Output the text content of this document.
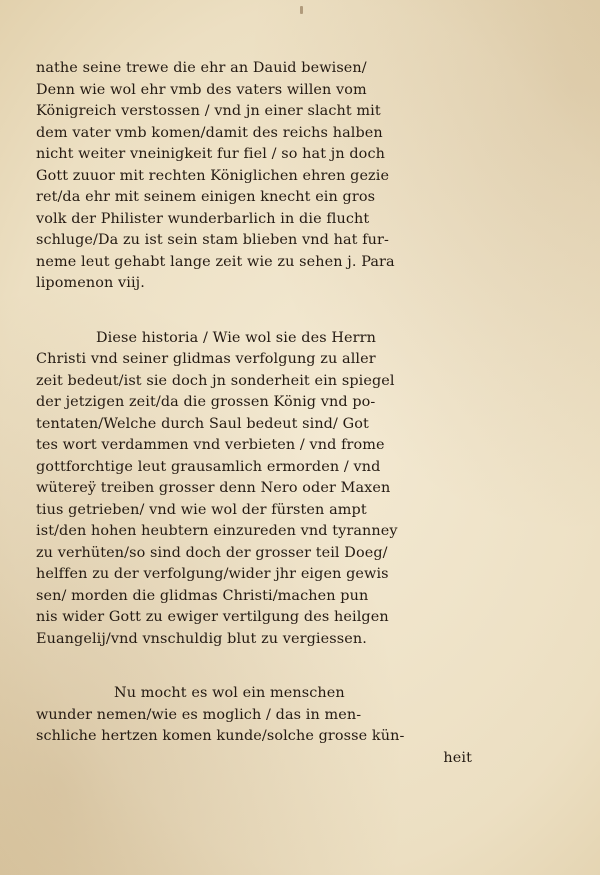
nathe seine trewe die ehr an Dauid bewisen/
Denn wie wol ehr vmb des vaters willen vom
Königreich verstossen / vnd jn einer slacht mit
dem vater vmb komen/damit des reichs halben
nicht weiter vneinigkeit fur fiel / so hat jn doch
Gott zuuor mit rechten Königlichen ehren gezie
ret/da ehr mit seinem einigen knecht ein gros
volk der Philister wunderbarlich in die flucht
schluge/Da zu ist sein stam blieben vnd hat fur-
neme leut gehabt lange zeit wie zu sehen j. Para
lipomenon viij.
Diese historia / Wie wol sie des Herrn
Christi vnd seiner glidmas verfolgung zu aller
zeit bedeut/ist sie doch jn sonderheit ein spiegel
der jetzigen zeit/da die grossen König vnd po-
tentaten/Welche durch Saul bedeut sind/ Got
tes wort verdammen vnd verbieten / vnd frome
gottforchtige leut grausamlich ermorden / vnd
wütereÿ treiben grosser denn Nero oder Maxen
tius getrieben/ vnd wie wol der fürsten ampt
ist/den hohen heubtern einzureden vnd tyranney
zu verhüten/so sind doch der grosser teil Doeg/
helffen zu der verfolgung/wider jhr eigen gewis
sen/ morden die glidmas Christi/machen pun
nis wider Gott zu ewiger vertilgung des heilgen
Euangelij/vnd vnschuldig blut zu vergiessen.
Nu mocht es wol ein menschen
wunder nemen/wie es moglich / das in men-
schliche hertzen komen kunde/solche grosse kün-
heit
